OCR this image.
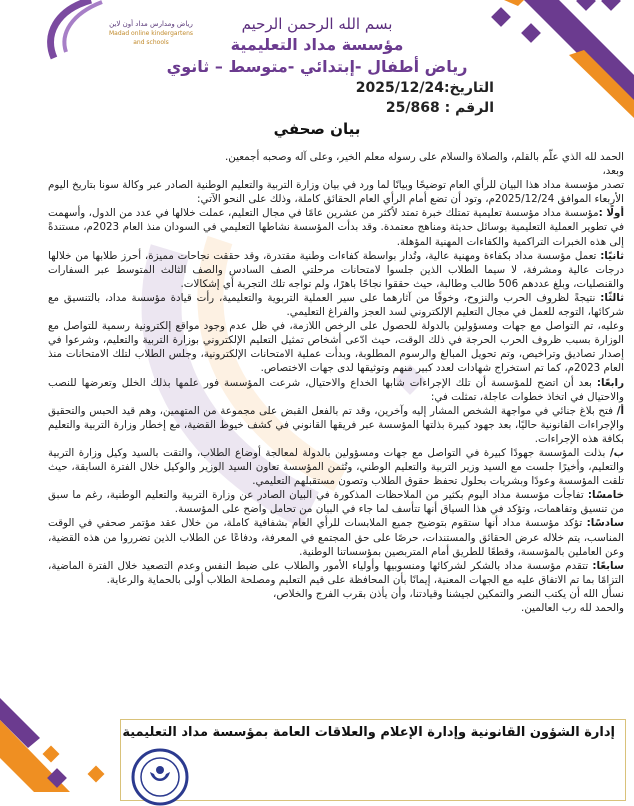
◆
رياض ومدارس مداد أون لاين
Madad online kindergartens and schools
بسم الله الرحمن الرحيم
مؤسسة مداد التعليمية
رياض أطفال -إبتدائي -متوسط – ثانوي
التاريخ:2025/12/24
الرقم : 25/868
بيان صحفي

الحمد لله الذي علّم بالقلم، والصلاة والسلام على رسوله معلم الخير، وعلى آله وصحبه أجمعين.

وبعد،

تصدر مؤسسة مداد هذا البيان للرأي العام توضيحًا وبيانًا لما ورد في بيان وزارة التربية والتعليم الوطنية الصادر عبر وكالة سونا بتاريخ اليوم الأربعاء الموافق 2025/12/24م، وتود أن تضع أمام الرأي العام الحقائق كاملة، وذلك على النحو الآتي:

أولًا :مؤسسة مداد مؤسسة تعليمية تمتلك خبرة تمتد لأكثر من عشرين عامًا في مجال التعليم، عملت خلالها في عدد من الدول، وأسهمت في تطوير العملية التعليمية بوسائل حديثة ومناهج معتمدة. وقد بدأت المؤسسة نشاطها التعليمي في السودان منذ العام 2023م، مستندةً إلى هذه الخبرات التراكمية والكفاءات المهنية المؤهلة.

ثانيًا: تعمل مؤسسة مداد بكفاءة ومهنية عالية، وتُدار بواسطة كفاءات وطنية مقتدرة، وقد حققت نجاحات مميزة، أحرز طلابها من خلالها درجات عالية ومشرفة، لا سيما الطلاب الذين جلسوا لامتحانات مرحلتي الصف السادس والصف الثالث المتوسط عبر السفارات والقنصليات، وبلغ عددهم 506 طالب وطالبة، حيث حققوا نجاحًا باهرًا، ولم تواجه تلك التجربة أي إشكالات.

ثالثًا: نتيجةً لظروف الحرب والنزوح، وخوفًا من آثارهما على سير العملية التربوية والتعليمية، رأت قيادة مؤسسة مداد، بالتنسيق مع شركائها، التوجه للعمل في مجال التعليم الإلكتروني لسد العجز والفراغ التعليمي.

وعليه، تم التواصل مع جهات ومسؤولين بالدولة للحصول على الرخص اللازمة، في ظل عدم وجود مواقع إلكترونية رسمية للتواصل مع الوزارة بسبب ظروف الحرب الحرجة في ذلك الوقت، حيث ادّعى أشخاص تمثيل التعليم الإلكتروني بوزارة التربية والتعليم، وشرعوا في إصدار تصاديق وتراخيص، وتم تحويل المبالغ والرسوم المطلوبة، وبدأت عملية الامتحانات الإلكترونية، وجلس الطلاب لتلك الامتحانات منذ العام 2023م، كما تم استخراج شهادات لعدد كبير منهم وتوثيقها لدى جهات الاختصاص.

رابعًا: بعد أن اتضح للمؤسسة أن تلك الإجراءات شابها الخداع والاحتيال، شرعت المؤسسة فور علمها بذلك الخلل وتعرضها للنصب والاحتيال في اتخاذ خطوات عاجلة، تمثلت في:

أ/ فتح بلاغ جنائي في مواجهة الشخص المشار إليه وآخرين، وقد تم بالفعل القبض على مجموعة من المتهمين، وهم قيد الحبس والتحقيق والإجراءات القانونية حاليًا، بعد جهود كبيرة بذلتها المؤسسة عبر فريقها القانوني في كشف خيوط القضية، مع إخطار وزارة التربية والتعليم بكافة هذه الإجراءات.

ب/ بذلت المؤسسة جهودًا كبيرة في التواصل مع جهات ومسؤولين بالدولة لمعالجة أوضاع الطلاب، والتقت بالسيد وكيل وزارة التربية والتعليم، وأخيرًا جلست مع السيد وزير التربية والتعليم الوطني، وتُثمن المؤسسة تعاون السيد الوزير والوكيل خلال الفترة السابقة، حيث تلقت المؤسسة وعودًا وبشريات بحلول تحفظ حقوق الطلاب وتصون مستقبلهم التعليمي.

خامسًا: تفاجأت مؤسسة مداد اليوم بكثير من الملاحظات المذكورة في البيان الصادر عن وزارة التربية والتعليم الوطنية، رغم ما سبق من تنسيق وتفاهمات، وتؤكد في هذا السياق أنها تتأسف لما جاء في البيان من تحامل واضح على المؤسسة.

سادسًا: تؤكد مؤسسة مداد أنها ستقوم بتوضيح جميع الملابسات للرأي العام بشفافية كاملة، من خلال عقد مؤتمر صحفي في الوقت المناسب، يتم خلاله عرض الحقائق والمستندات، حرصًا على حق المجتمع في المعرفة، ودفاعًا عن الطلاب الذين تضرروا من هذه القضية، وعن العاملين بالمؤسسة، وقطعًا للطريق أمام المتربصين بمؤسساتنا الوطنية.

سابعًا: تتقدم مؤسسة مداد بالشكر لشركائها ومنسوبيها وأولياء الأمور والطلاب على ضبط النفس وعدم التصعيد خلال الفترة الماضية، التزامًا بما تم الاتفاق عليه مع الجهات المعنية، إيمانًا بأن المحافظة على قيم التعليم ومصلحة الطلاب أولى بالحماية والرعاية.

نسأل الله أن يكتب النصر والتمكين لجيشنا وقيادتنا، وأن يأذن بقرب الفرج والخلاص،

والحمد لله رب العالمين.

إدارة الشؤون القانونية وإدارة الإعلام والعلاقات العامة بمؤسسة مداد التعليمية
